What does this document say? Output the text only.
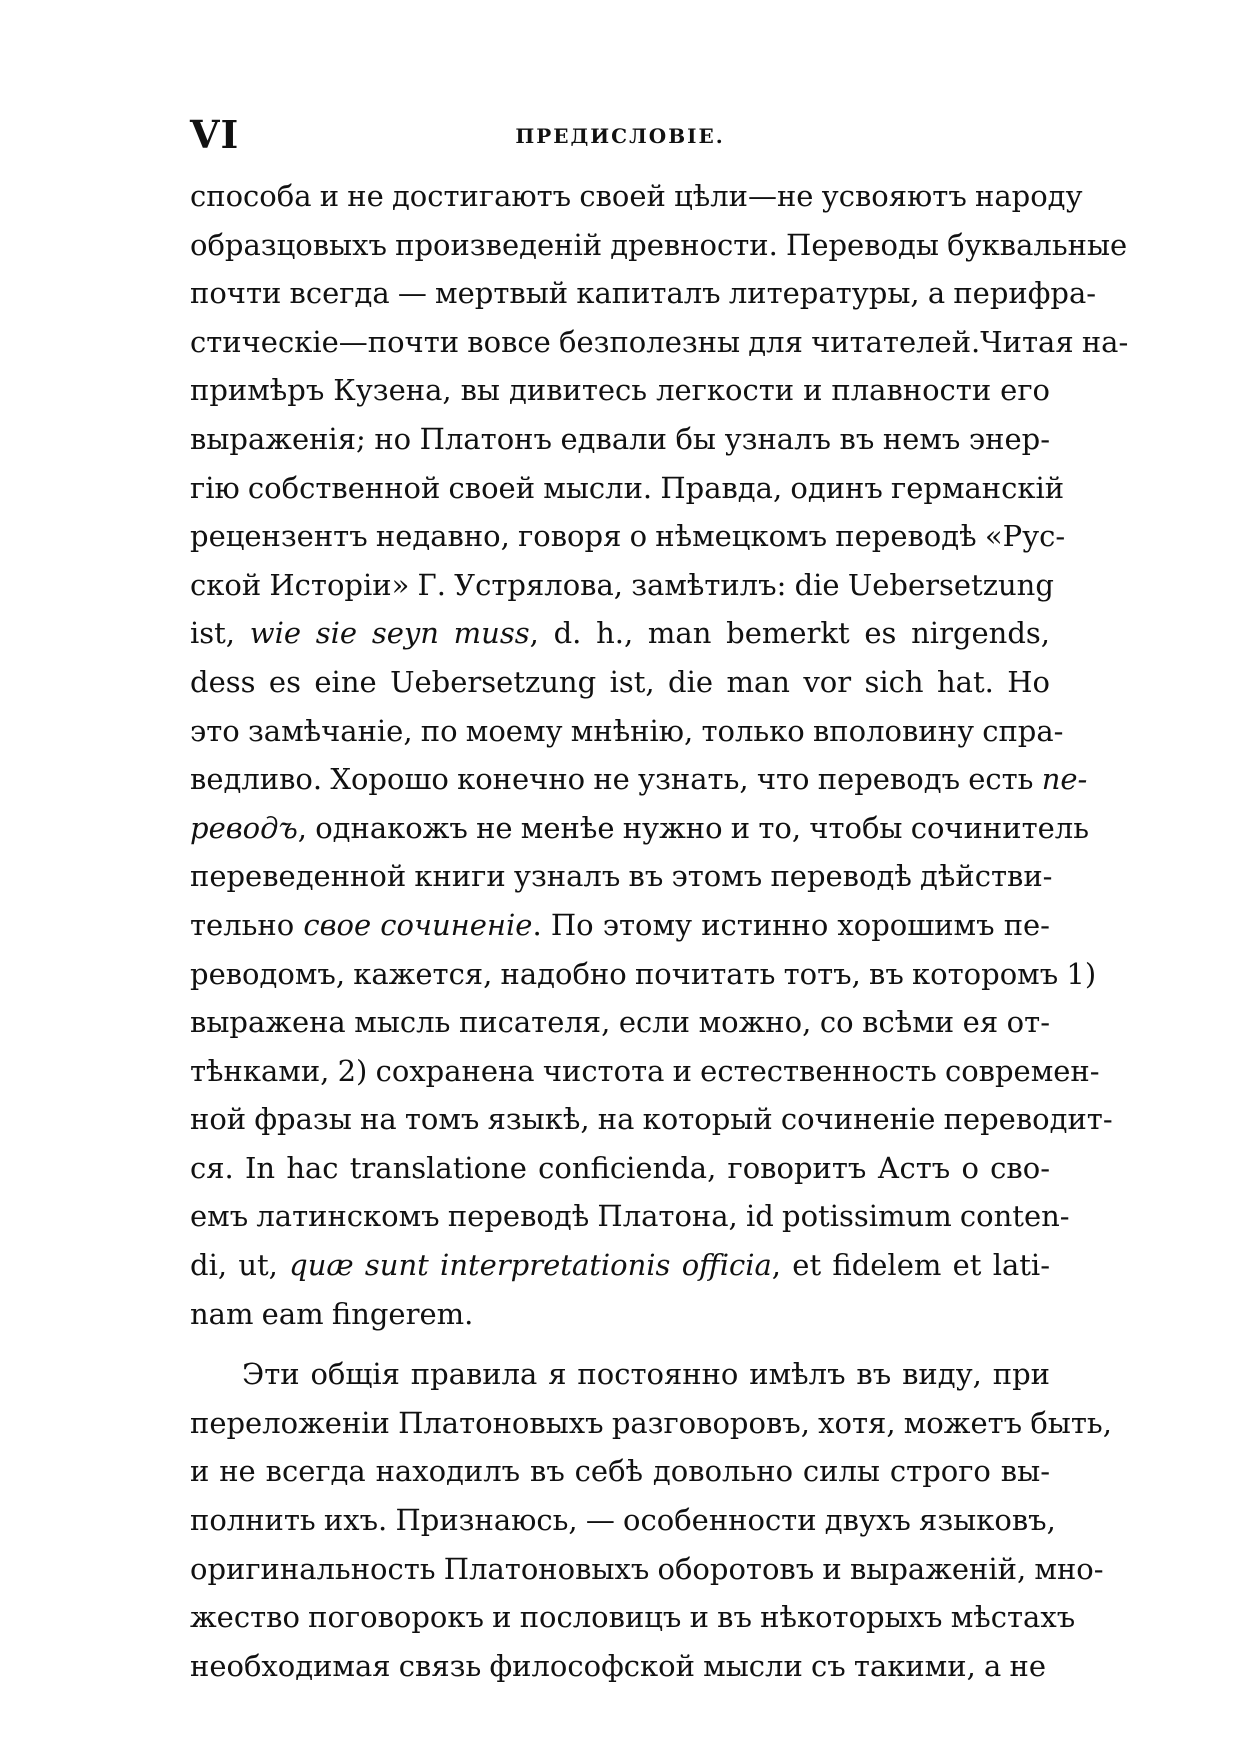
VI	ПРЕДИСЛОВІЕ.
способа и не достигаютъ своей цѣли—не усвояютъ народу
образцовыхъ произведеній древности. Переводы буквальные
почти всегда — мертвый капиталъ литературы, а перифра-
стическіе—почти вовсе безполезны для читателей.Читая на-
примѣръ Кузена, вы дивитесь легкости и плавности его
выраженія; но Платонъ едвали бы узналъ въ немъ энер-
гію собственной своей мысли. Правда, одинъ германскій
рецензентъ недавно, говоря о нѣмецкомъ переводѣ «Рус-
ской Исторіи» Г. Устрялова, замѣтилъ: die Uebersetzung
ist, wie sie seyn muss, d. h., man bemerkt es nirgends,
dess es eine Uebersetzung ist, die man vor sich hat. Но
это замѣчаніе, по моему мнѣнію, только вполовину спра-
ведливо. Хорошо конечно не узнать, что переводъ есть пе-
реводъ, однакожъ не менѣе нужно и то, чтобы сочинитель
переведенной книги узналъ въ этомъ переводѣ дѣйстви-
тельно свое сочиненіе. По этому истинно хорошимъ пе-
реводомъ, кажется, надобно почитать тотъ, въ которомъ 1)
выражена мысль писателя, если можно, со всѣми ея от-
тѣнками, 2) сохранена чистота и естественность современ-
ной фразы на томъ языкѣ, на который сочиненіе переводит-
ся. In hac translatione conficienda, говоритъ Астъ о сво-
емъ латинскомъ переводѣ Платона, id potissimum conten-
di, ut, quæ sunt interpretationis officia, et fidelem et lati-
nam eam fingerem.
Эти общія правила я постоянно имѣлъ въ виду, при
переложеніи Платоновыхъ разговоровъ, хотя, можетъ быть,
и не всегда находилъ въ себѣ довольно силы строго вы-
полнить ихъ. Признаюсь, — особенности двухъ языковъ,
оригинальность Платоновыхъ оборотовъ и выраженій, мно-
жество поговорокъ и пословицъ и въ нѣкоторыхъ мѣстахъ
необходимая связь философской мысли съ такими, а не
